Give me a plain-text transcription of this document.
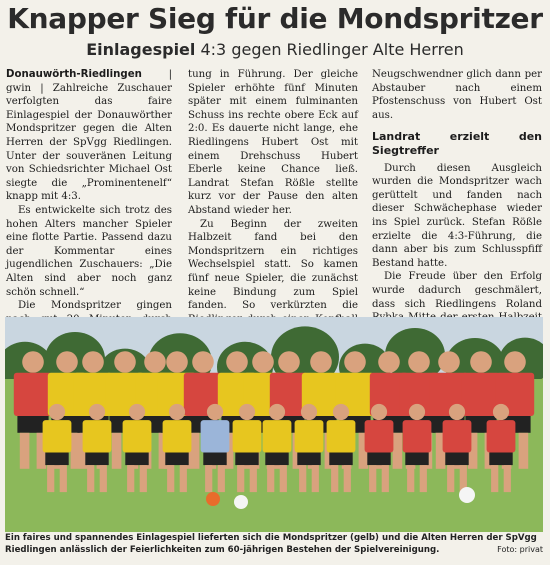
Knapper Sieg für die Mondspritzer
Einlagespiel 4:3 gegen Riedlinger Alte Herren

Donauwörth-Riedlingen | gwin | Zahlreiche Zuschauer verfolgten das faire Einlagespiel der Donauwörther Mondspritzer gegen die Alten Herren der SpVgg Riedlingen. Unter der souveränen Leitung von Schiedsrichter Michael Ost siegte die „Prominentenelf“ knapp mit 4:3.

Es entwickelte sich trotz des hohen Alters mancher Spieler eine flotte Partie. Passend dazu der Kommentar eines jugendlichen Zuschauers: „Die Alten sind aber noch ganz schön schnell.“

Die Mondspritzer gingen

tung in Führung. Der gleiche Spieler erhöhte fünf Minuten später mit einem fulminanten Schuss ins rechte obere Eck auf 2:0. Es dauerte nicht lange, ehe Riedlingens Hubert Ost mit einem Drehschuss Hubert Eberle keine Chance ließ. Landrat Stefan Rößle stellte kurz vor der Pause den alten Abstand wieder her.

Zu Beginn der zweiten Halbzeit fand bei den Mondspritzern ein richtiges Wechselspiel statt. So kamen fünf neue Spieler, die zunächst keine Bindung zum Spiel fanden. So verkürzten die

Neugschwendner glich dann per Abstauber nach einem Pfostenschuss von Hubert Ost aus.

Landrat erzielt den Siegtreffer

Durch diesen Ausgleich wurden die Mondspritzer wach gerüttelt und fanden nach dieser Schwächephase wieder ins Spiel zurück. Stefan Rößle erzielte die 4:3-Führung, die dann aber bis zum Schlusspfiff Bestand hatte.

Die Freude über den Erfolg wurde dadurch geschmälert, dass sich Riedlingens Roland

Ein faires und spannendes Einlagespiel lieferten sich die Mondspritzer (gelb) und die Alten Herren der SpVgg Riedlingen anlässlich der Feierlichkeiten zum 60-jährigen Bestehen der Spielvereinigung.	Foto: privat
